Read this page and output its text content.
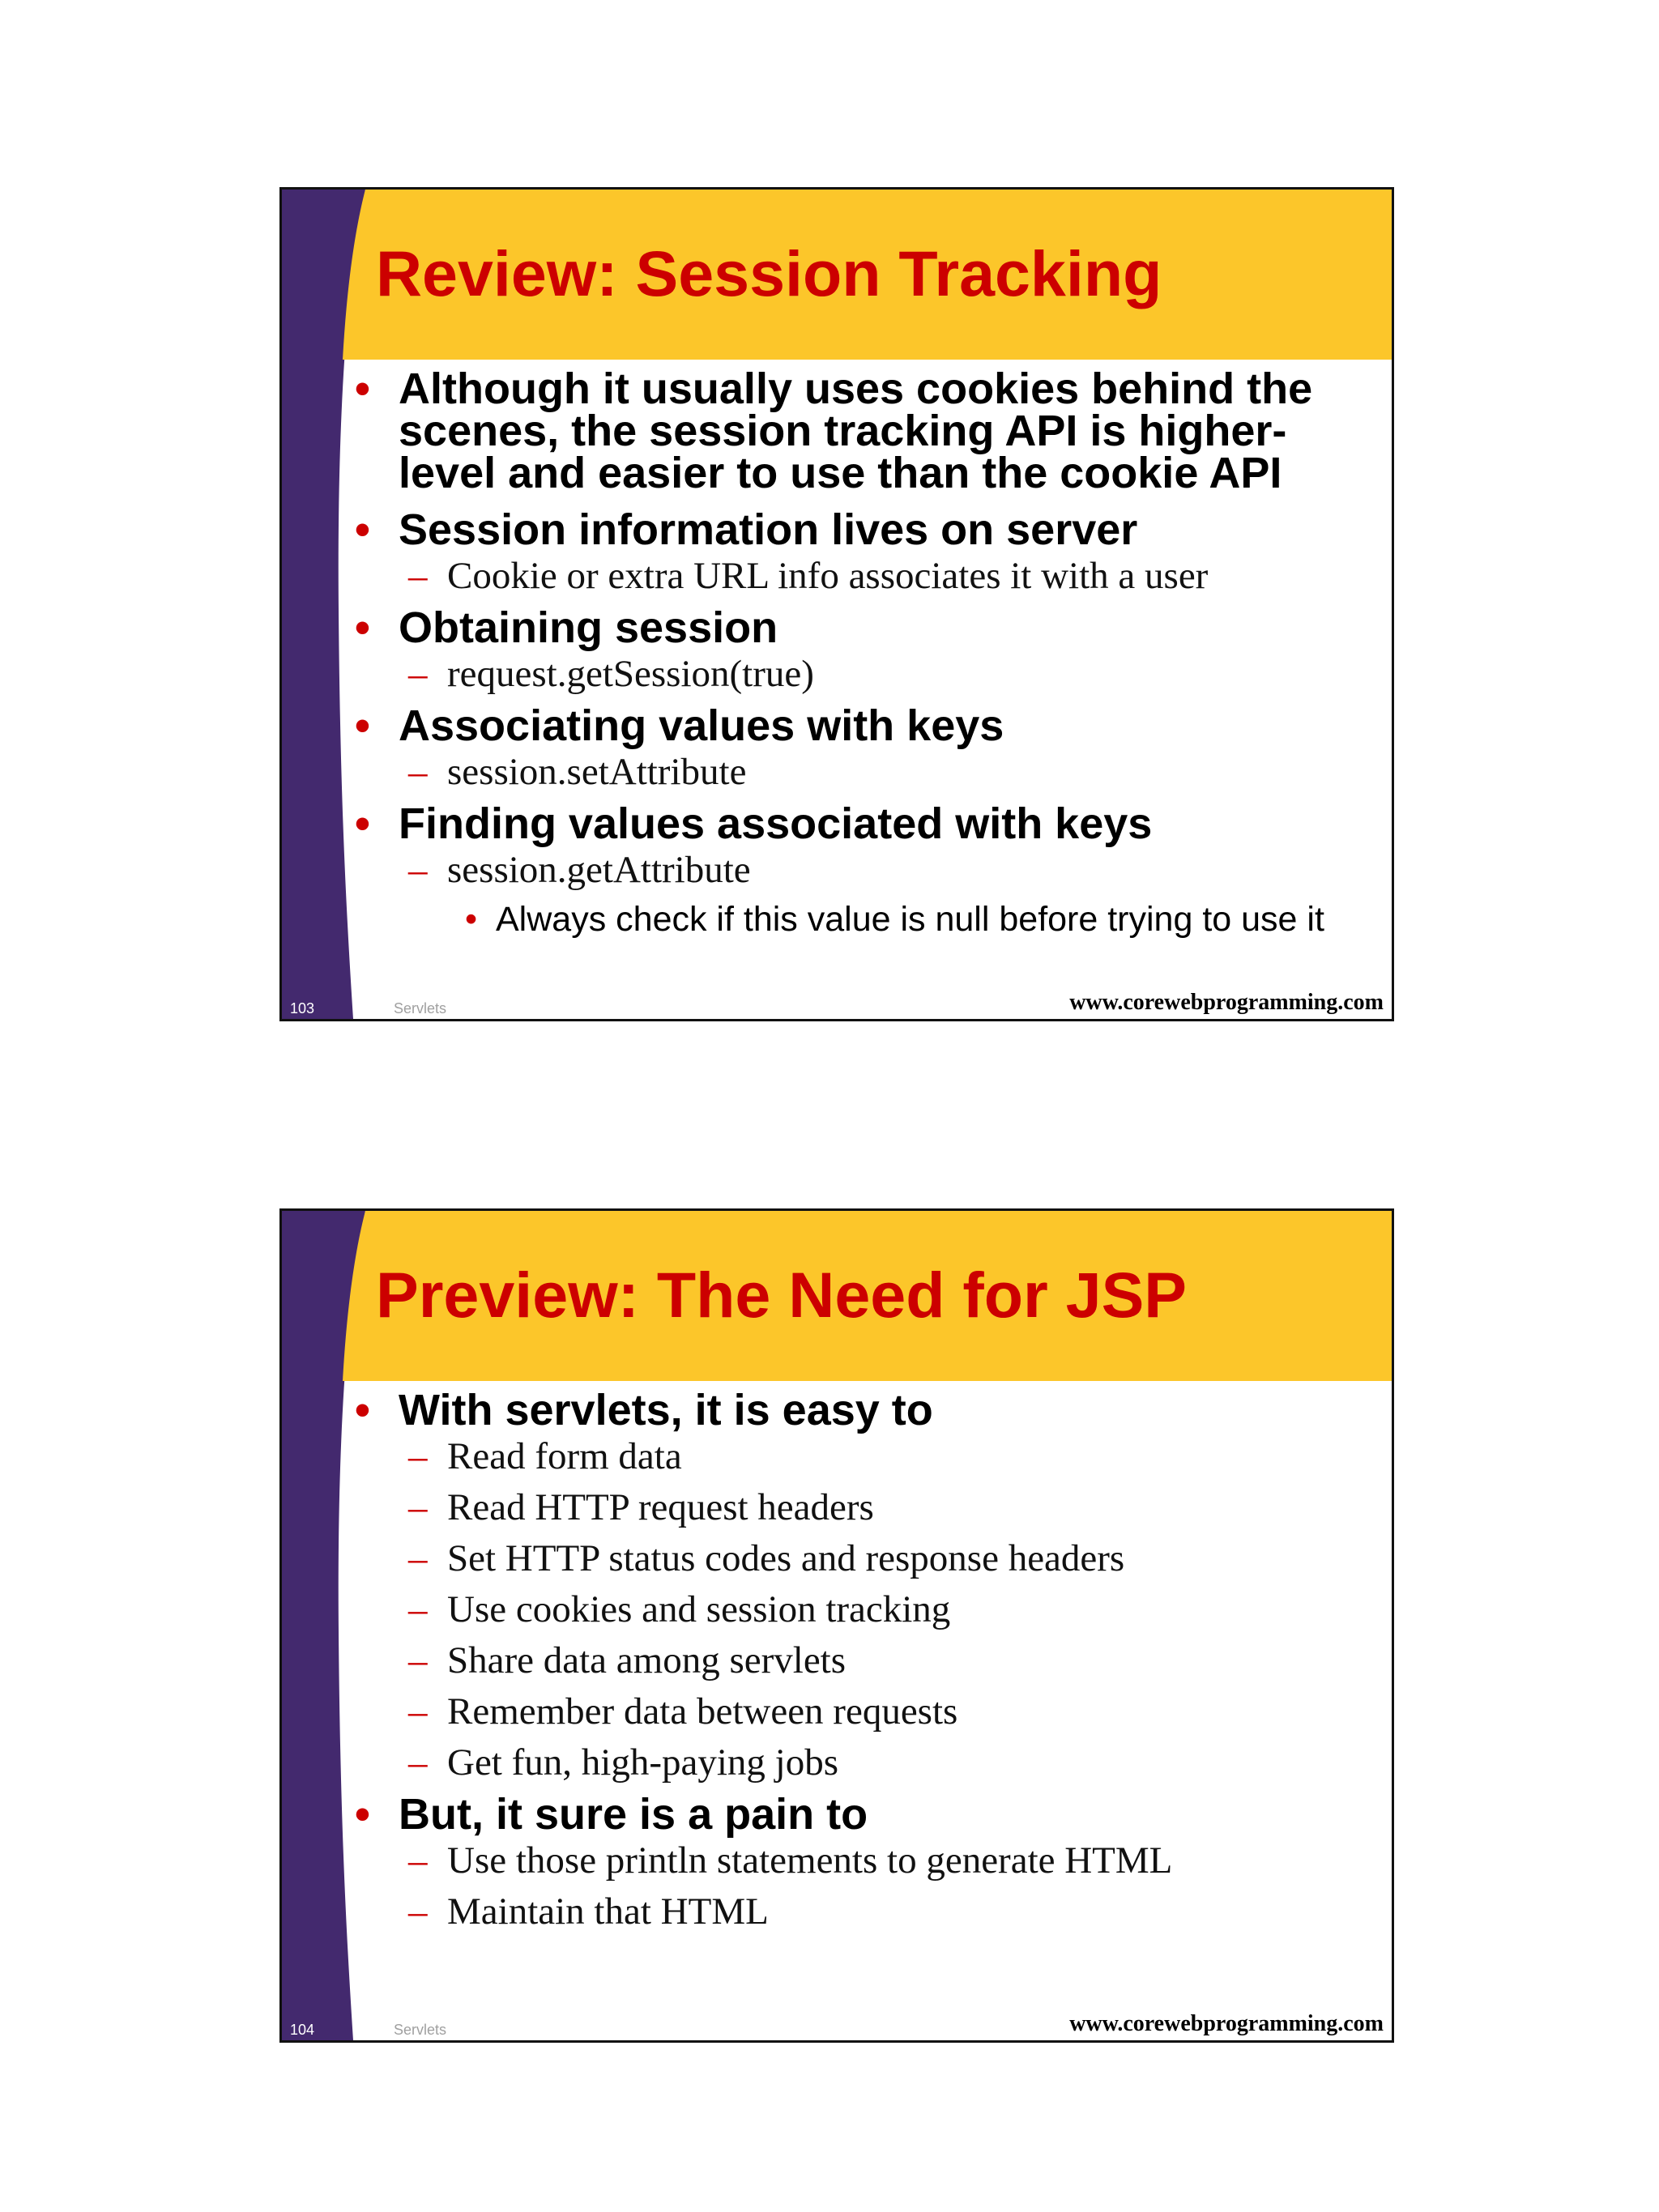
Review: Session Tracking
• Although it usually uses cookies behind the scenes, the session tracking API is higher-level and easier to use than the cookie API
• Session information lives on server
– Cookie or extra URL info associates it with a user
• Obtaining session
– request.getSession(true)
• Associating values with keys
– session.setAttribute
• Finding values associated with keys
– session.getAttribute
• Always check if this value is null before trying to use it
103	Servlets	www.corewebprogramming.com
Preview: The Need for JSP
• With servlets, it is easy to
– Read form data
– Read HTTP request headers
– Set HTTP status codes and response headers
– Use cookies and session tracking
– Share data among servlets
– Remember data between requests
– Get fun, high-paying jobs
• But, it sure is a pain to
– Use those println statements to generate HTML
– Maintain that HTML
104	Servlets	www.corewebprogramming.com
